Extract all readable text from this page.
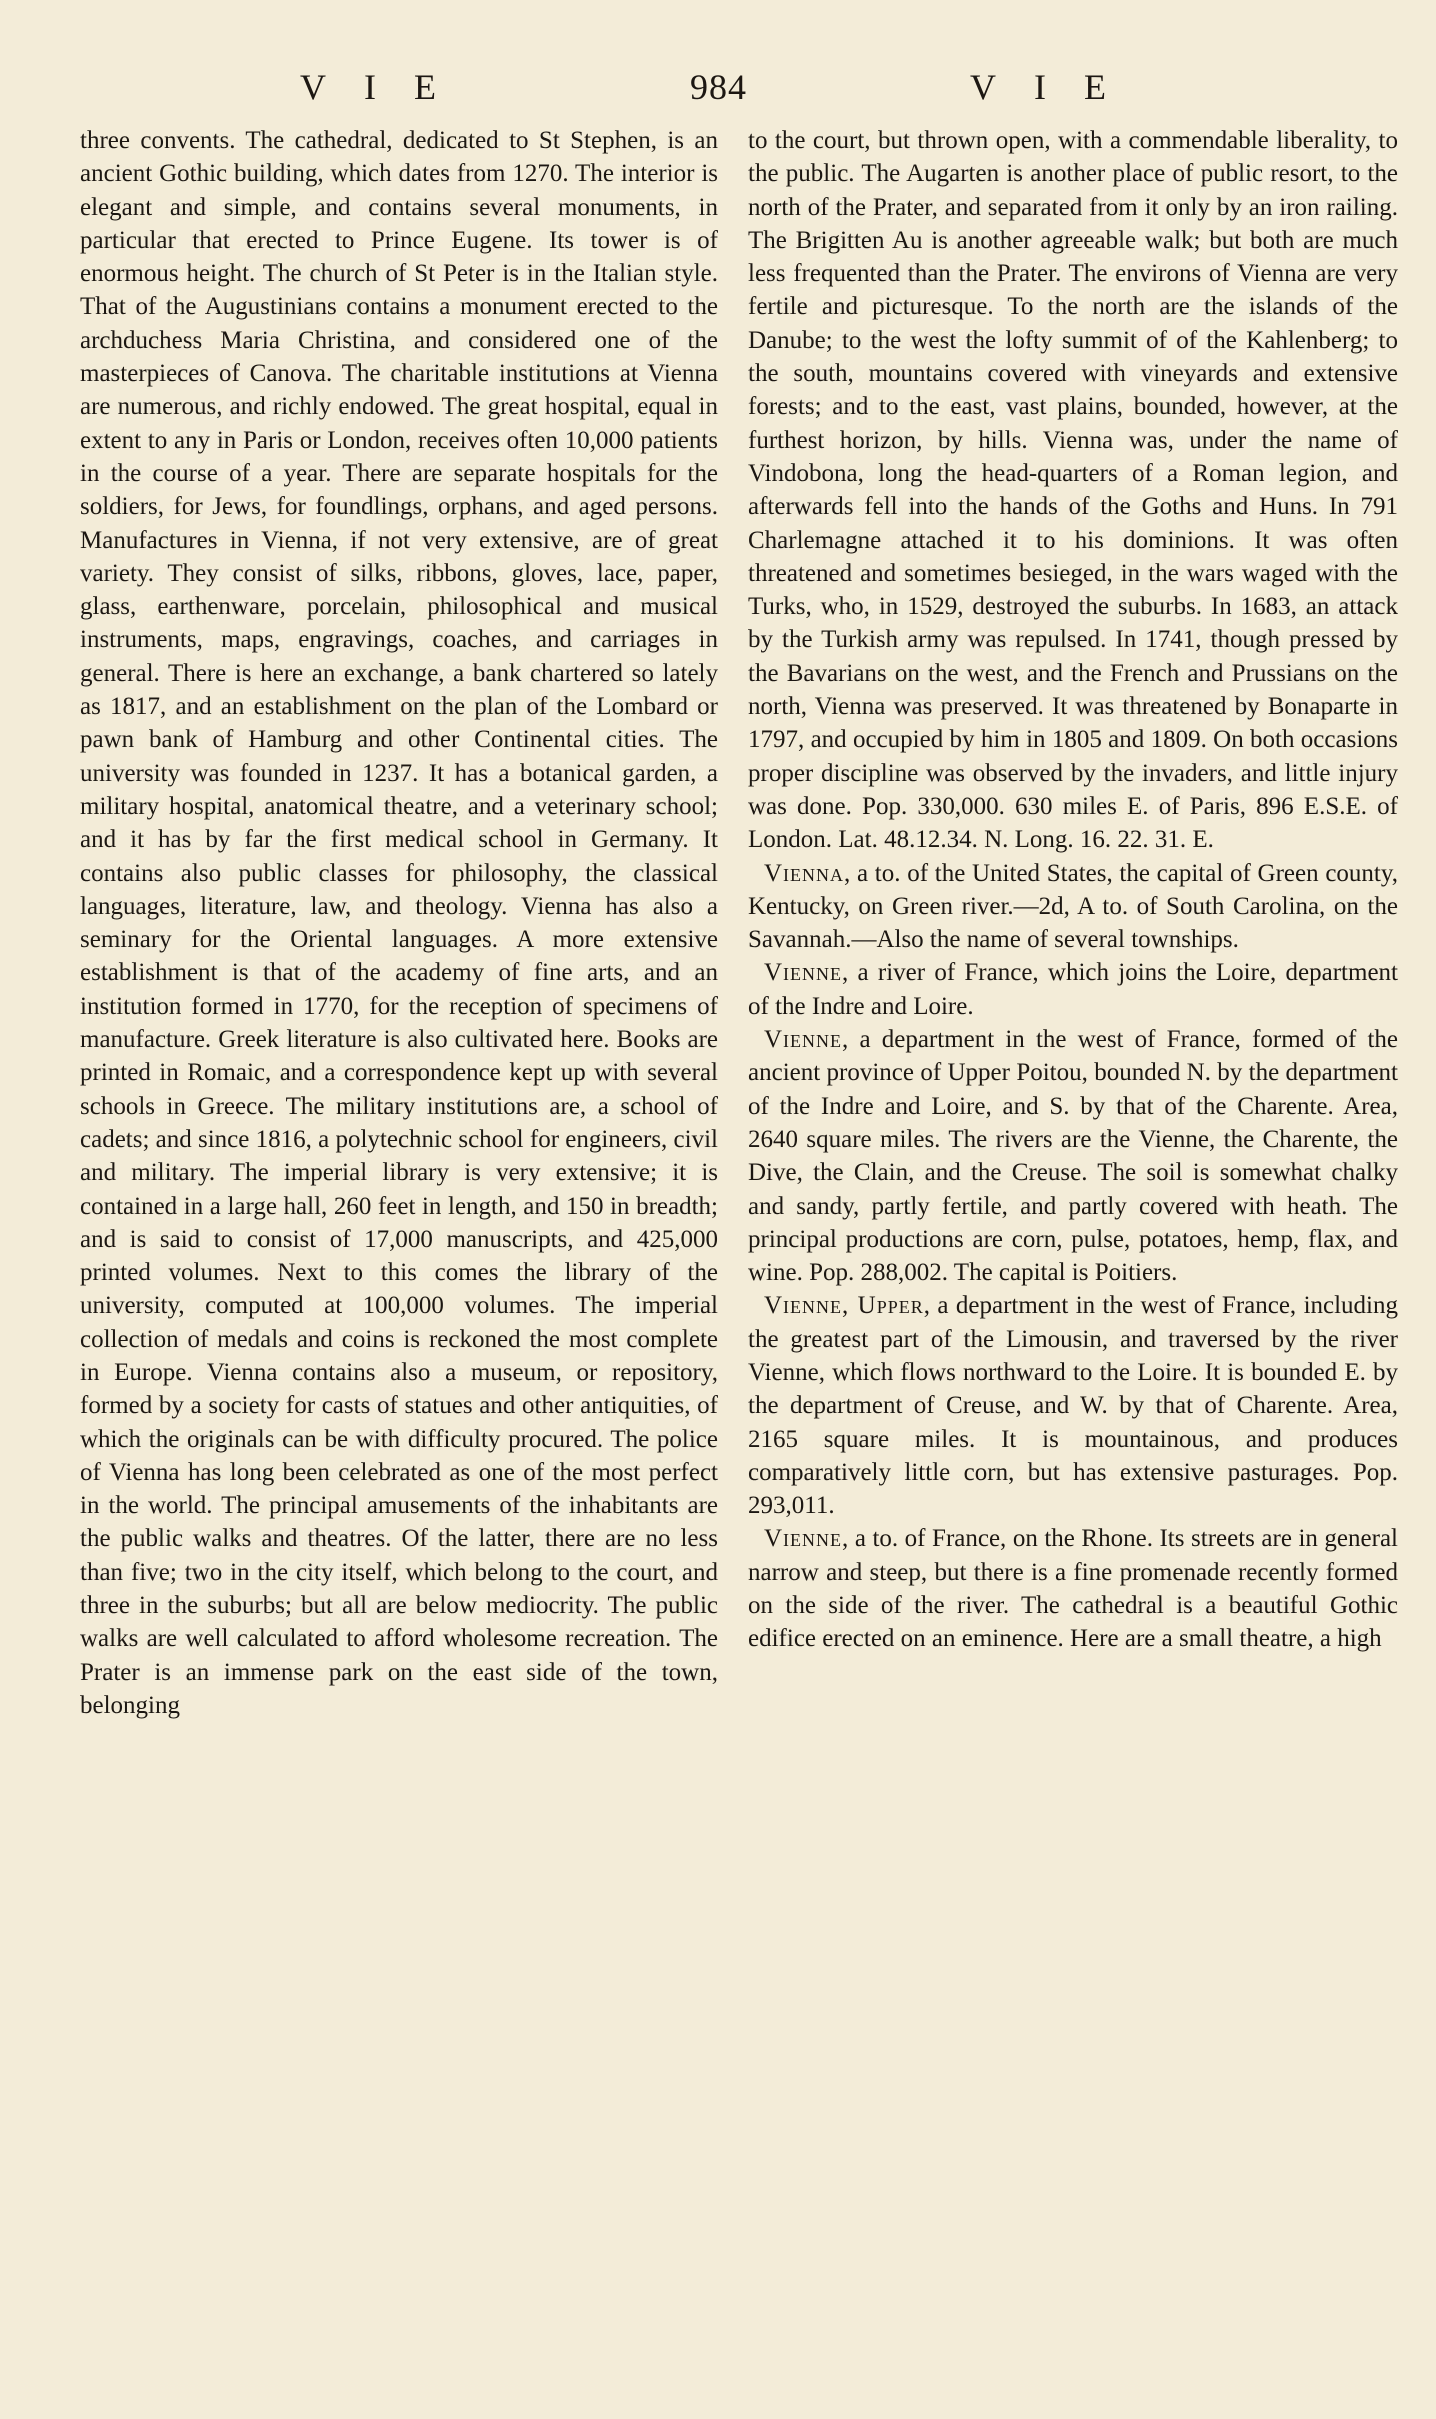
VIE	984	VIE

three convents. The cathedral, dedicated to St Stephen, is an ancient Gothic building, which dates from 1270. The interior is elegant and simple, and contains several monuments, in particular that erected to Prince Eugene. Its tower is of enormous height. The church of St Peter is in the Italian style. That of the Augustinians contains a monument erected to the archduchess Maria Christina, and considered one of the masterpieces of Canova. The charitable institutions at Vienna are numerous, and richly endowed. The great hospital, equal in extent to any in Paris or London, receives often 10,000 patients in the course of a year. There are separate hospitals for the soldiers, for Jews, for foundlings, orphans, and aged persons. Manufactures in Vienna, if not very extensive, are of great variety. They consist of silks, ribbons, gloves, lace, paper, glass, earthenware, porcelain, philosophical and musical instruments, maps, engravings, coaches, and carriages in general. There is here an exchange, a bank chartered so lately as 1817, and an establishment on the plan of the Lombard or pawn bank of Hamburg and other Continental cities. The university was founded in 1237. It has a botanical garden, a military hospital, anatomical theatre, and a veterinary school; and it has by far the first medical school in Germany. It contains also public classes for philosophy, the classical languages, literature, law, and theology. Vienna has also a seminary for the Oriental languages. A more extensive establishment is that of the academy of fine arts, and an institution formed in 1770, for the reception of specimens of manufacture. Greek literature is also cultivated here. Books are printed in Romaic, and a correspondence kept up with several schools in Greece. The military institutions are, a school of cadets; and since 1816, a polytechnic school for engineers, civil and military. The imperial library is very extensive; it is contained in a large hall, 260 feet in length, and 150 in breadth; and is said to consist of 17,000 manuscripts, and 425,000 printed volumes. Next to this comes the library of the university, computed at 100,000 volumes. The imperial collection of medals and coins is reckoned the most complete in Europe. Vienna contains also a museum, or repository, formed by a society for casts of statues and other antiquities, of which the originals can be with difficulty procured. The police of Vienna has long been celebrated as one of the most perfect in the world. The principal amusements of the inhabitants are the public walks and theatres. Of the latter, there are no less than five; two in the city itself, which belong to the court, and three in the suburbs; but all are below mediocrity. The public walks are well calculated to afford wholesome recreation. The Prater is an immense park on the east side of the town, belonging

to the court, but thrown open, with a commendable liberality, to the public. The Augarten is another place of public resort, to the north of the Prater, and separated from it only by an iron railing. The Brigitten Au is another agreeable walk; but both are much less frequented than the Prater. The environs of Vienna are very fertile and picturesque. To the north are the islands of the Danube; to the west the lofty summit of of the Kahlenberg; to the south, mountains covered with vineyards and extensive forests; and to the east, vast plains, bounded, however, at the furthest horizon, by hills. Vienna was, under the name of Vindobona, long the head-quarters of a Roman legion, and afterwards fell into the hands of the Goths and Huns. In 791 Charlemagne attached it to his dominions. It was often threatened and sometimes besieged, in the wars waged with the Turks, who, in 1529, destroyed the suburbs. In 1683, an attack by the Turkish army was repulsed. In 1741, though pressed by the Bavarians on the west, and the French and Prussians on the north, Vienna was preserved. It was threatened by Bonaparte in 1797, and occupied by him in 1805 and 1809. On both occasions proper discipline was observed by the invaders, and little injury was done. Pop. 330,000. 630 miles E. of Paris, 896 E.S.E. of London. Lat. 48.12.34. N. Long. 16. 22. 31. E.

Vienna, a to. of the United States, the capital of Green county, Kentucky, on Green river.—2d, A to. of South Carolina, on the Savannah.—Also the name of several townships.

Vienne, a river of France, which joins the Loire, department of the Indre and Loire.

Vienne, a department in the west of France, formed of the ancient province of Upper Poitou, bounded N. by the department of the Indre and Loire, and S. by that of the Charente. Area, 2640 square miles. The rivers are the Vienne, the Charente, the Dive, the Clain, and the Creuse. The soil is somewhat chalky and sandy, partly fertile, and partly covered with heath. The principal productions are corn, pulse, potatoes, hemp, flax, and wine. Pop. 288,002. The capital is Poitiers.

Vienne, Upper, a department in the west of France, including the greatest part of the Limousin, and traversed by the river Vienne, which flows northward to the Loire. It is bounded E. by the department of Creuse, and W. by that of Charente. Area, 2165 square miles. It is mountainous, and produces comparatively little corn, but has extensive pasturages. Pop. 293,011.

Vienne, a to. of France, on the Rhone. Its streets are in general narrow and steep, but there is a fine promenade recently formed on the side of the river. The cathedral is a beautiful Gothic edifice erected on an eminence. Here are a small theatre, a high
